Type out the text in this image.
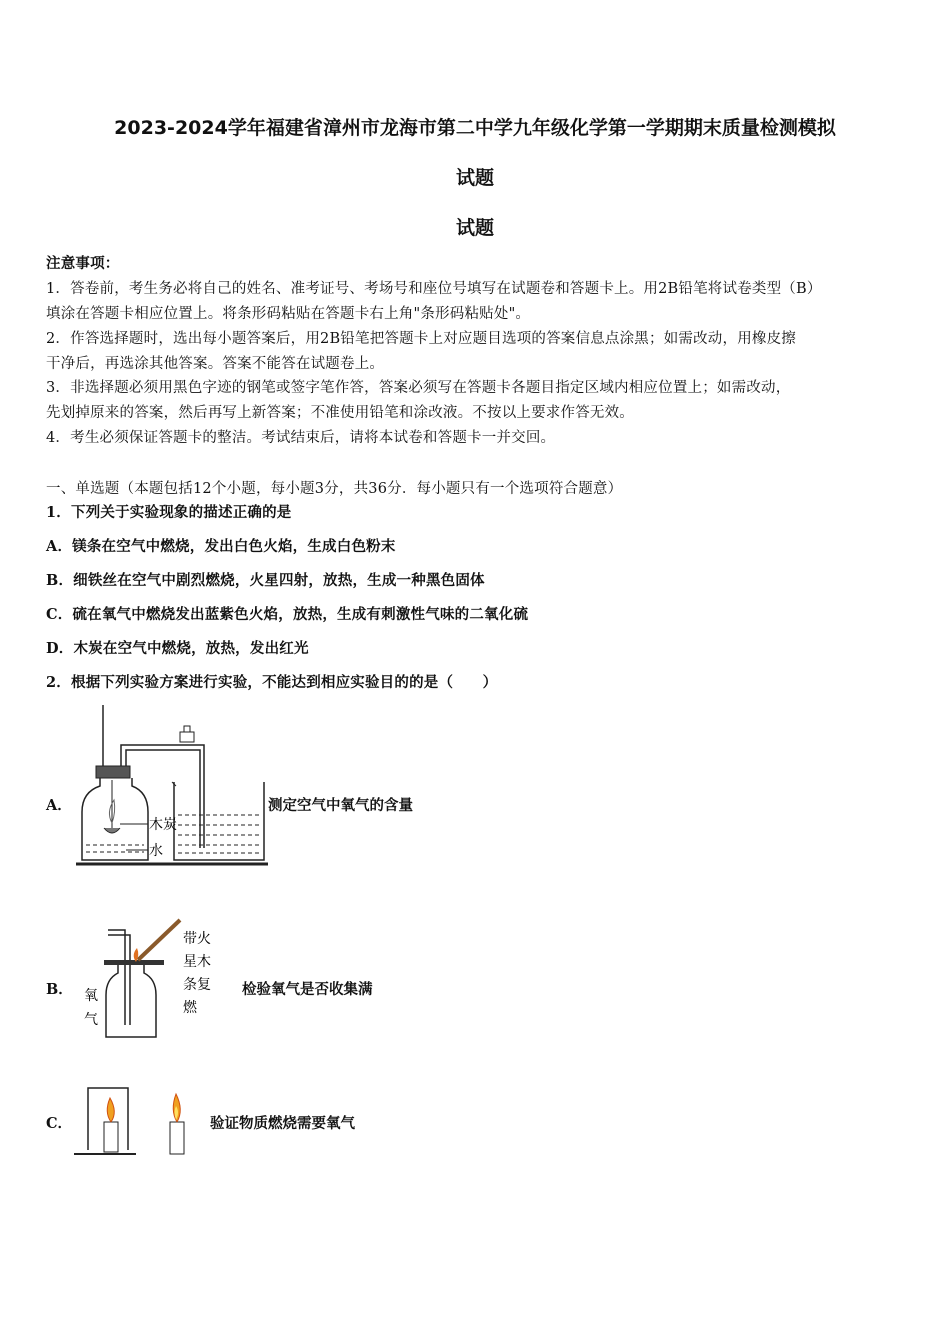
2023-2024学年福建省漳州市龙海市第二中学九年级化学第一学期期末质量检测模拟
试题
试题
注意事项：
1．答卷前，考生务必将自己的姓名、准考证号、考场号和座位号填写在试题卷和答题卡上。用2B铅笔将试卷类型（B）
填涂在答题卡相应位置上。将条形码粘贴在答题卡右上角"条形码粘贴处"。
2．作答选择题时，选出每小题答案后，用2B铅笔把答题卡上对应题目选项的答案信息点涂黑；如需改动，用橡皮擦
干净后，再选涂其他答案。答案不能答在试题卷上。
3．非选择题必须用黑色字迹的钢笔或签字笔作答，答案必须写在答题卡各题目指定区域内相应位置上；如需改动，
先划掉原来的答案，然后再写上新答案；不准使用铅笔和涂改液。不按以上要求作答无效。
4．考生必须保证答题卡的整洁。考试结束后，请将本试卷和答题卡一并交回。
一、单选题（本题包括12个小题，每小题3分，共36分．每小题只有一个选项符合题意）
1．下列关于实验现象的描述正确的是
A．镁条在空气中燃烧，发出白色火焰，生成白色粉末
B．细铁丝在空气中剧烈燃烧，火星四射，放热，生成一种黑色固体
C．硫在氧气中燃烧发出蓝紫色火焰，放热，生成有刺激性气味的二氧化硫
D．木炭在空气中燃烧，放热，发出红光
2．根据下列实验方案进行实验，不能达到相应实验目的的是（　　）
A．
木炭
水
测定空气中氧气的含量
B．
带火
星木
条复
燃
氧
气
检验氧气是否收集满
C．	验证物质燃烧需要氧气
